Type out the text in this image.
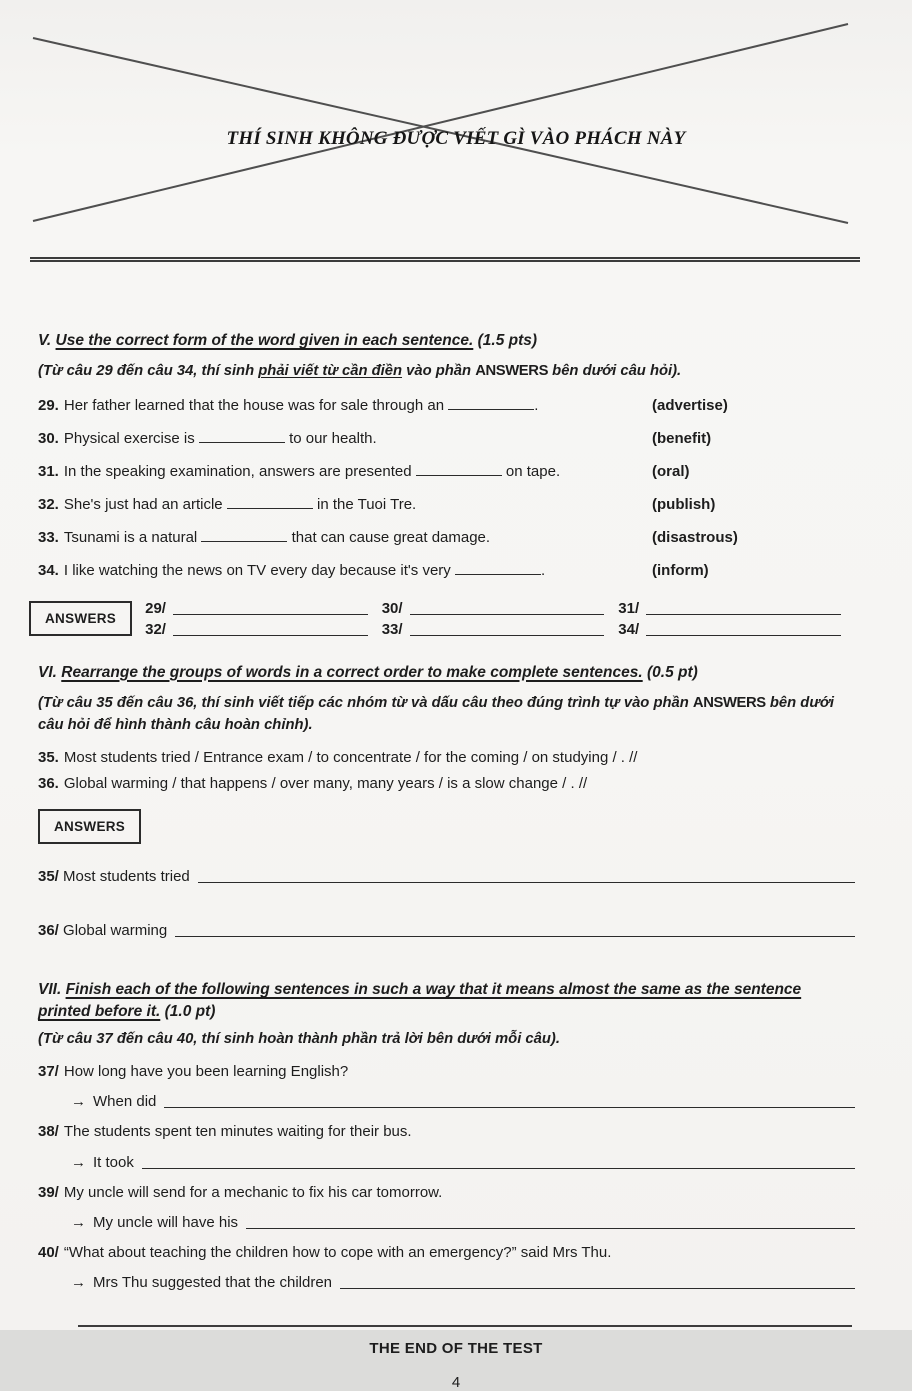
THÍ SINH KHÔNG ĐƯỢC VIẾT GÌ VÀO PHÁCH NÀY
V. Use the correct form of the word given in each sentence. (1.5 pts)
(Từ câu 29 đến câu 34, thí sinh phải viết từ cần điền vào phần ANSWERS bên dưới câu hỏi).
29. Her father learned that the house was for sale through an	.	(advertise)
30. Physical exercise is	to our health.	(benefit)
31. In the speaking examination, answers are presented	on tape.	(oral)
32. She's just had an article	in the Tuoi Tre.	(publish)
33. Tsunami is a natural	that can cause great damage.	(disastrous)
34. I like watching the news on TV every day because it's very	.	(inform)
ANSWERS
29/	30/	31/
32/	33/	34/
VI. Rearrange the groups of words in a correct order to make complete sentences. (0.5 pt)
(Từ câu 35 đến câu 36, thí sinh viết tiếp các nhóm từ và dấu câu theo đúng trình tự vào phần ANSWERS bên dưới câu hỏi để hình thành câu hoàn chỉnh).
35. Most students tried / Entrance exam / to concentrate / for the coming / on studying / . //
36. Global warming / that happens / over many, many years / is a slow change / . //
ANSWERS
35/ Most students tried
36/ Global warming
VII. Finish each of the following sentences in such a way that it means almost the same as the sentence printed before it. (1.0 pt)
(Từ câu 37 đến câu 40, thí sinh hoàn thành phần trả lời bên dưới mỗi câu).
37/ How long have you been learning English?
→ When did
38/ The students spent ten minutes waiting for their bus.
→ It took
39/ My uncle will send for a mechanic to fix his car tomorrow.
→ My uncle will have his
40/ “What about teaching the children how to cope with an emergency?” said Mrs Thu.
→ Mrs Thu suggested that the children
THE END OF THE TEST
4
